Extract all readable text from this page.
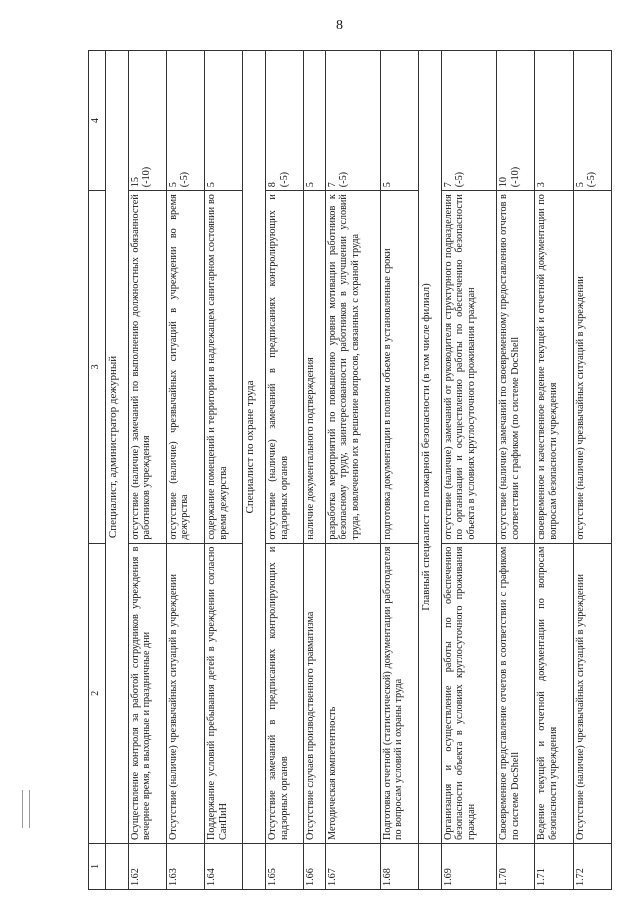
8
1	2	3	4
	Специалист, администратор дежурный		
1.62	Осуществление контроля за работой сотрудников учреждения в вечернее время, в выходные и праздничные дни	отсутствие (наличие) замечаний по выполнению должностных обязанностей работников учреждения	15 (-10)

1.63	Отсутствие (наличие) чрезвычайных ситуаций в учреждении	отсутствие (наличие) чрезвычайных ситуаций в учреждении во время дежурства	5 (-5)

1.64	Поддержание условий пребывания детей в учреждении согласно СанПиН	содержание помещений и территории в надлежащем санитарном состоянии во время дежурства	5

	Специалист по охране труда		
1.65	Отсутствие замечаний в предписаниях контролирующих и надзорных органов	отсутствие (наличие) замечаний в предписаниях контролирующих и надзорных органов	8 (-5)

1.66	Отсутствие случаев производственного травматизма	наличие документального подтверждения	5

1.67	Методическая компетентность	разработка мероприятий по повышению уровня мотивации работников к безопасному труду, заинтересованности работников в улучшении условий труда, вовлечению их в решение вопросов, связанных с охраной труда	7 (-5)

1.68	Подготовка отчетной (статистической) документации работодателя по вопросам условий и охраны труда	подготовка документации в полном объеме в установленные сроки	5

	Главный специалист по пожарной безопасности (в том числе филиал)		
1.69	Организация и осуществление работы по обеспечению безопасности объекта в условиях круглосуточного проживания граждан	отсутствие (наличие) замечаний от руководителя структурного подразделения по организации и осуществлению работы по обеспечению безопасности объекта в условиях круглосуточного проживания граждан	7 (-5)

1.70	Своевременное представление отчетов в соответствии с графиком по системе DocShell	отсутствие (наличие) замечаний по своевременному предоставлению отчетов в соответствии с графиком (по системе DocShell	10 (-10)

1.71	Ведение текущей и отчетной документации по вопросам безопасности учреждения	своевременное и качественное ведение текущей и отчетной документации по вопросам безопасности учреждения	3

1.72	Отсутствие (наличие) чрезвычайных ситуаций в учреждении	отсутствие (наличие) чрезвычайных ситуаций в учреждении	5 (-5)
